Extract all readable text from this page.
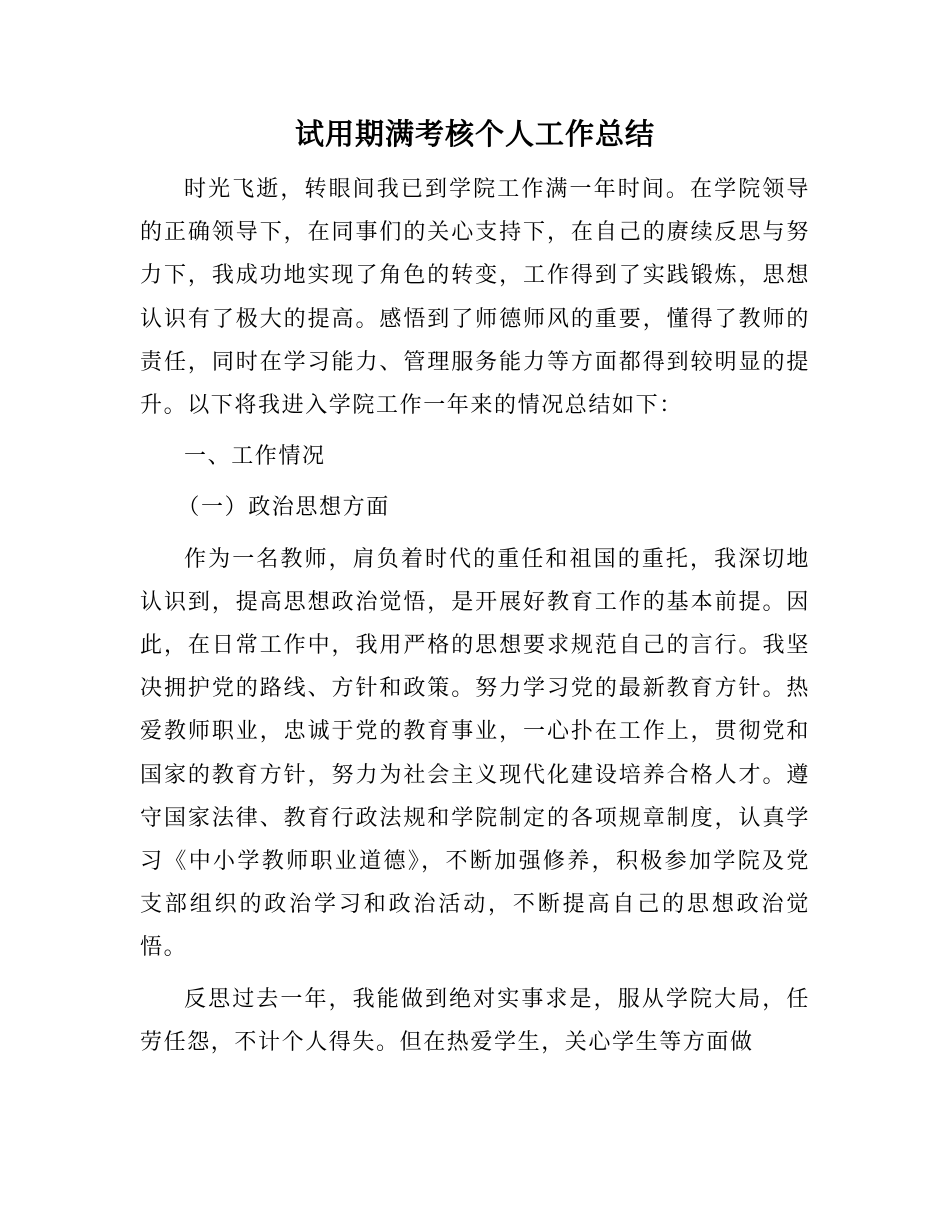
试用期满考核个人工作总结

时光飞逝，转眼间我已到学院工作满一年时间。在学院领导的正确领导下，在同事们的关心支持下，在自己的赓续反思与努力下，我成功地实现了角色的转变，工作得到了实践锻炼，思想认识有了极大的提高。感悟到了师德师风的重要，懂得了教师的责任，同时在学习能力、管理服务能力等方面都得到较明显的提升。以下将我进入学院工作一年来的情况总结如下：

一、工作情况

（一）政治思想方面

作为一名教师，肩负着时代的重任和祖国的重托，我深切地认识到，提高思想政治觉悟，是开展好教育工作的基本前提。因此，在日常工作中，我用严格的思想要求规范自己的言行。我坚决拥护党的路线、方针和政策。努力学习党的最新教育方针。热爱教师职业，忠诚于党的教育事业，一心扑在工作上，贯彻党和国家的教育方针，努力为社会主义现代化建设培养合格人才。遵守国家法律、教育行政法规和学院制定的各项规章制度，认真学习《中小学教师职业道德》，不断加强修养，积极参加学院及党支部组织的政治学习和政治活动，不断提高自己的思想政治觉悟。

反思过去一年，我能做到绝对实事求是，服从学院大局，任劳任怨，不计个人得失。但在热爱学生，关心学生等方面做
